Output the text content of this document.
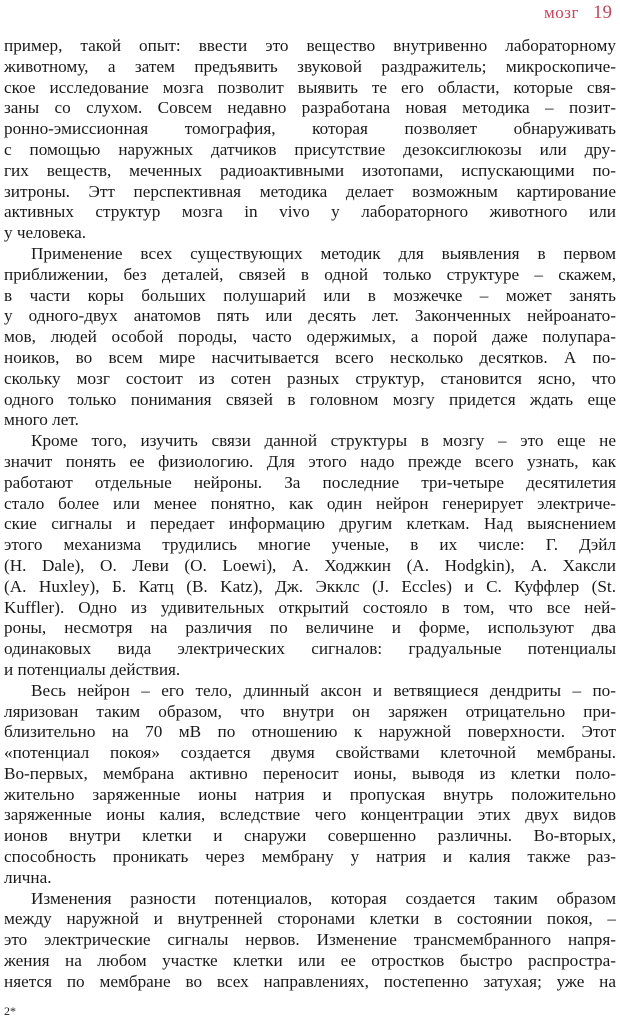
мозг 19
пример, такой опыт: ввести это вещество внутривенно лабораторному
животному, а затем предъявить звуковой раздражитель; микроскопиче-
ское исследование мозга позволит выявить те его области, которые свя-
заны со слухом. Совсем недавно разработана новая методика – позит-
ронно-эмиссионная томография, которая позволяет обнаруживать
с помощью наружных датчиков присутствие дезоксиглюкозы или дру-
гих веществ, меченных радиоактивными изотопами, испускающими по-
зитроны. Этт перспективная методика делает возможным картирование
активных структур мозга in vivo у лабораторного животного или
у человека.
Применение всех существующих методик для выявления в первом
приближении, без деталей, связей в одной только структуре – скажем,
в части коры больших полушарий или в мозжечке – может занять
у одного-двух анатомов пять или десять лет. Законченных нейроанато-
мов, людей особой породы, часто одержимых, а порой даже полупара-
ноиков, во всем мире насчитывается всего несколько десятков. А по-
скольку мозг состоит из сотен разных структур, становится ясно, что
одного только понимания связей в головном мозгу придется ждать еще
много лет.
Кроме того, изучить связи данной структуры в мозгу – это еще не
значит понять ее физиологию. Для этого надо прежде всего узнать, как
работают отдельные нейроны. За последние три-четыре десятилетия
стало более или менее понятно, как один нейрон генерирует электриче-
ские сигналы и передает информацию другим клеткам. Над выяснением
этого механизма трудились многие ученые, в их числе: Г. Дэйл
(H. Dale), О. Леви (O. Loewi), А. Ходжкин (A. Hodgkin), А. Хаксли
(A. Huxley), Б. Катц (B. Katz), Дж. Экклс (J. Eccles) и С. Куффлер (St.
Kuffler). Одно из удивительных открытий состояло в том, что все ней-
роны, несмотря на различия по величине и форме, используют два
одинаковых вида электрических сигналов: градуальные потенциалы
и потенциалы действия.
Весь нейрон – его тело, длинный аксон и ветвящиеся дендриты – по-
ляризован таким образом, что внутри он заряжен отрицательно при-
близительно на 70 мВ по отношению к наружной поверхности. Этот
«потенциал покоя» создается двумя свойствами клеточной мембраны.
Во-первых, мембрана активно переносит ионы, выводя из клетки поло-
жительно заряженные ионы натрия и пропуская внутрь положительно
заряженные ионы калия, вследствие чего концентрации этих двух видов
ионов внутри клетки и снаружи совершенно различны. Во-вторых,
способность проникать через мембрану у натрия и калия также раз-
лична.
Изменения разности потенциалов, которая создается таким образом
между наружной и внутренней сторонами клетки в состоянии покоя, –
это электрические сигналы нервов. Изменение трансмембранного напря-
жения на любом участке клетки или ее отростков быстро распростра-
няется по мембране во всех направлениях, постепенно затухая; уже на
2*
